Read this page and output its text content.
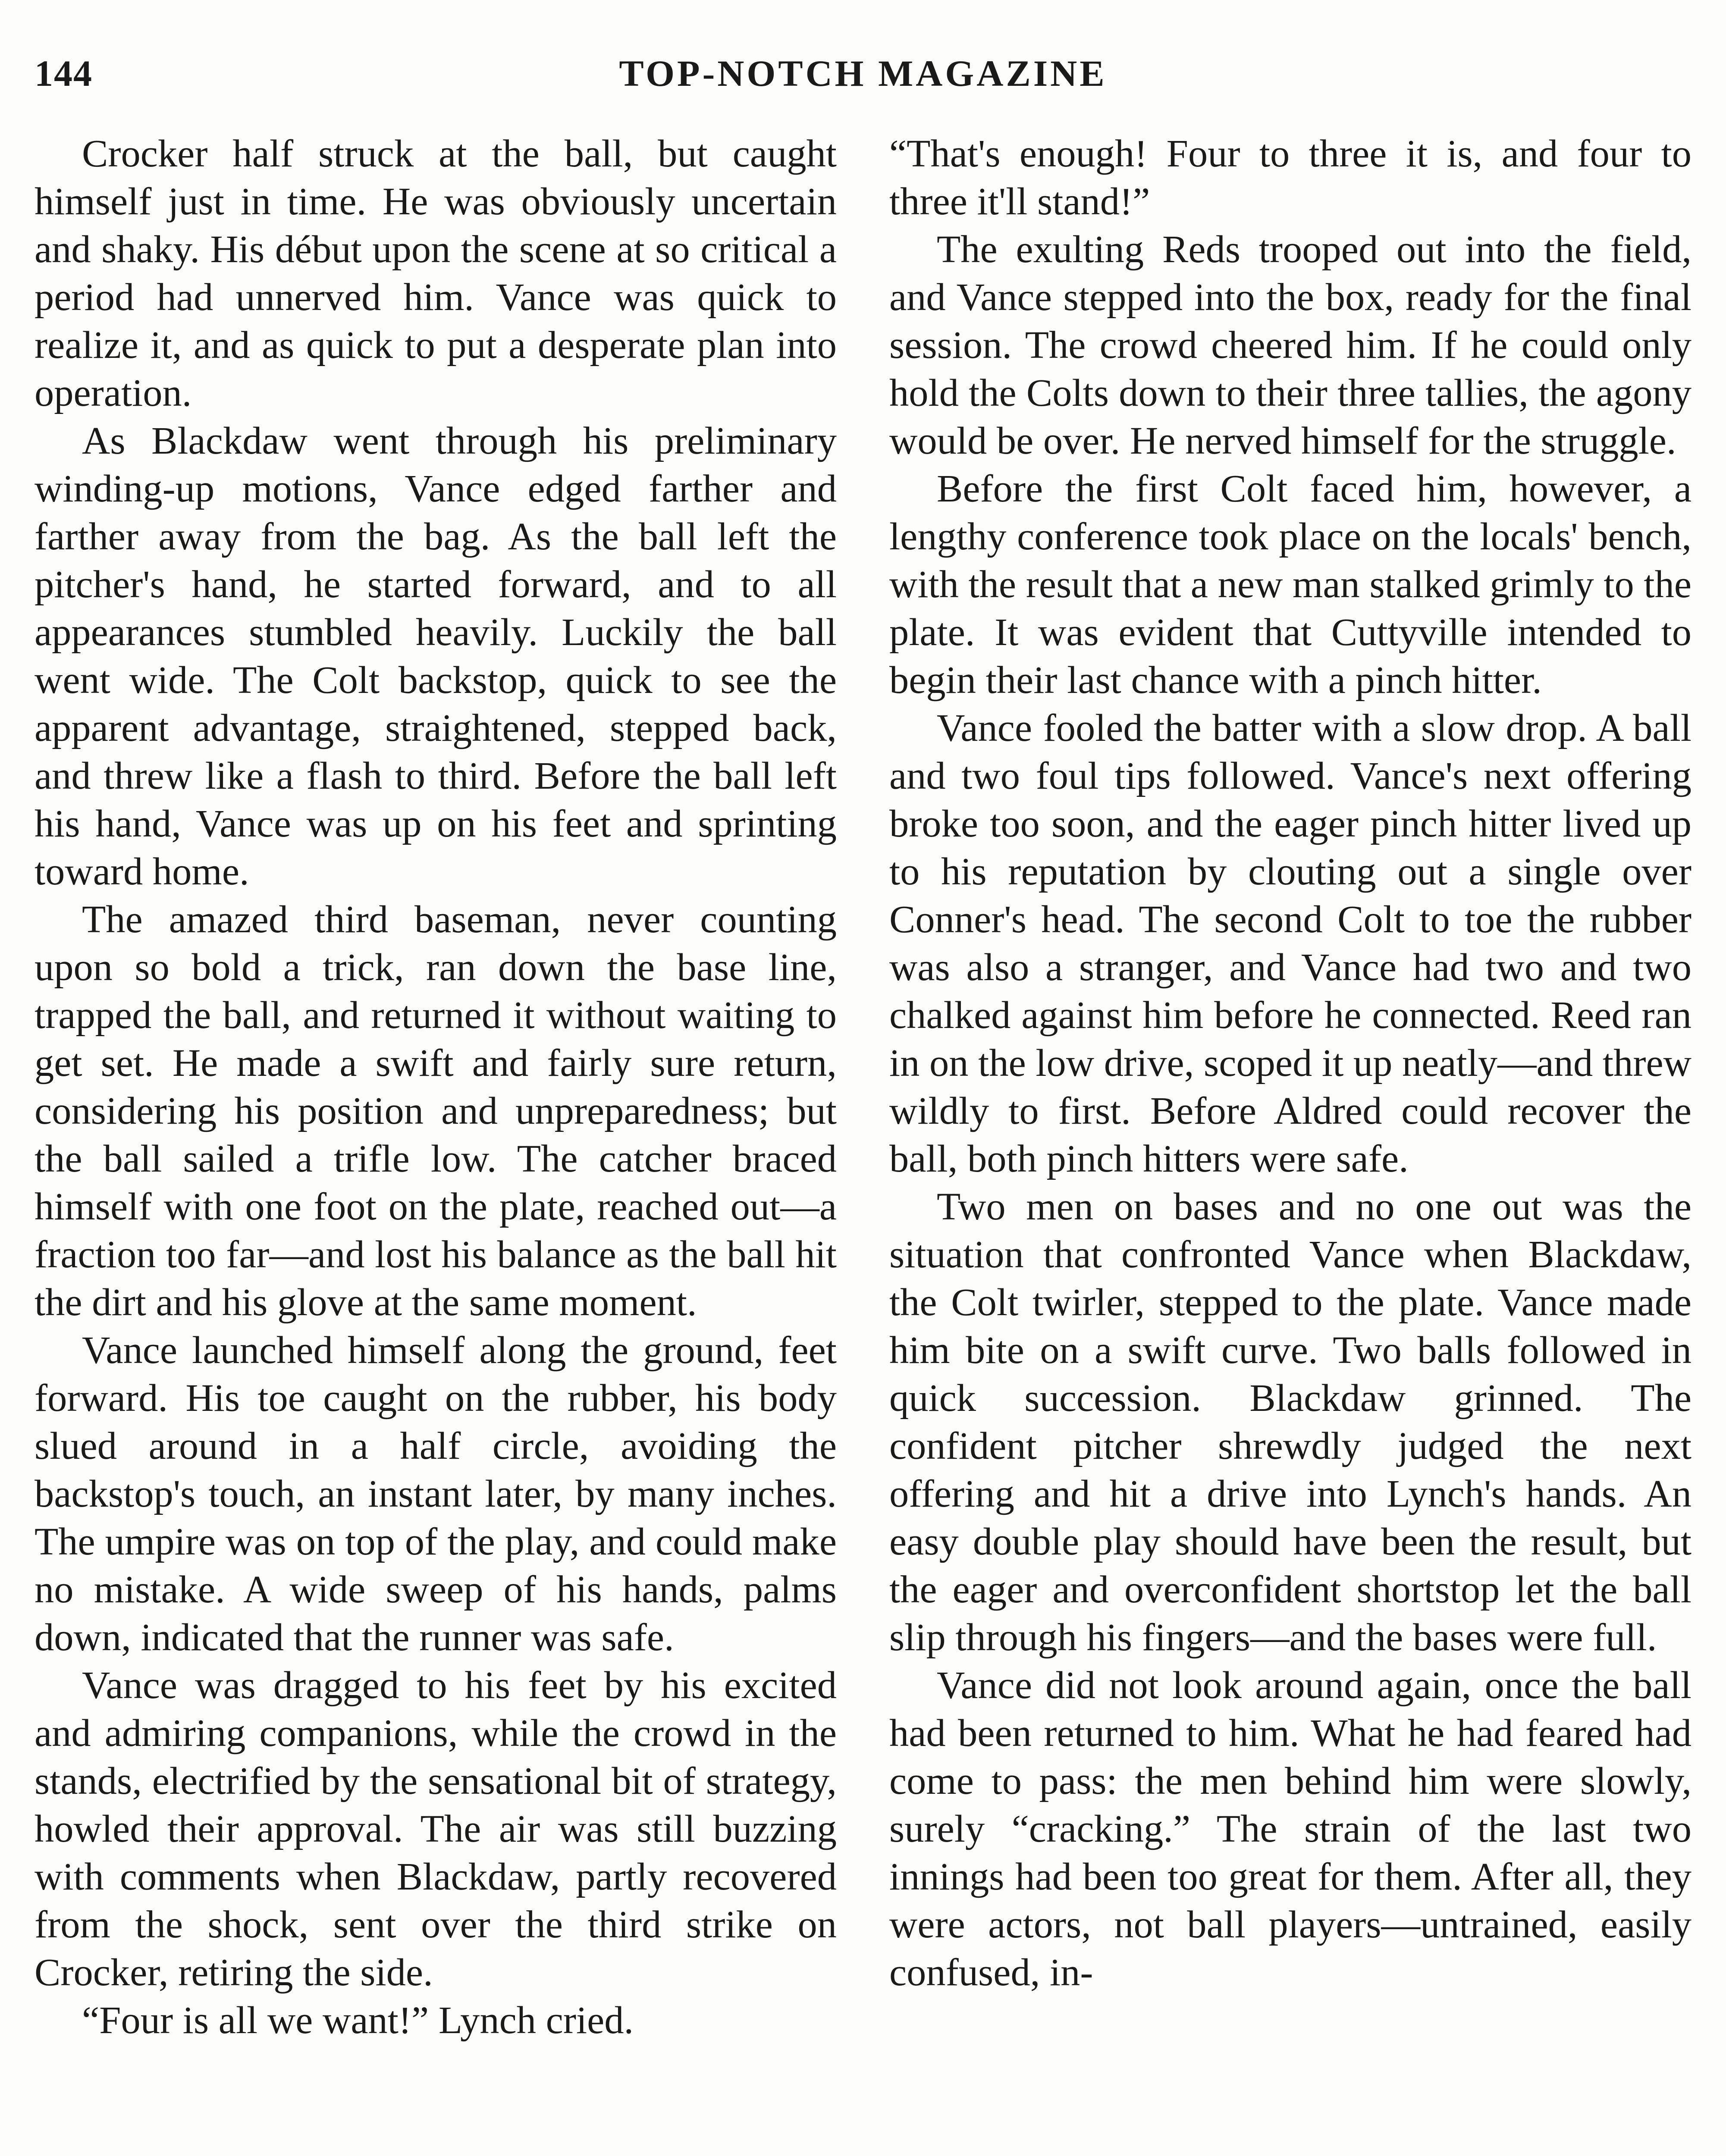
144	TOP-NOTCH MAGAZINE

Crocker half struck at the ball, but caught himself just in time. He was obviously uncertain and shaky. His début upon the scene at so critical a period had unnerved him. Vance was quick to realize it, and as quick to put a desperate plan into operation.

As Blackdaw went through his preliminary winding-up motions, Vance edged farther and farther away from the bag. As the ball left the pitcher's hand, he started forward, and to all appearances stumbled heavily. Luckily the ball went wide. The Colt backstop, quick to see the apparent advantage, straightened, stepped back, and threw like a flash to third. Before the ball left his hand, Vance was up on his feet and sprinting toward home.

The amazed third baseman, never counting upon so bold a trick, ran down the base line, trapped the ball, and returned it without waiting to get set. He made a swift and fairly sure return, considering his position and unpreparedness; but the ball sailed a trifle low. The catcher braced himself with one foot on the plate, reached out—a fraction too far—and lost his balance as the ball hit the dirt and his glove at the same moment.

Vance launched himself along the ground, feet forward. His toe caught on the rubber, his body slued around in a half circle, avoiding the backstop's touch, an instant later, by many inches. The umpire was on top of the play, and could make no mistake. A wide sweep of his hands, palms down, indicated that the runner was safe.

Vance was dragged to his feet by his excited and admiring companions, while the crowd in the stands, electrified by the sensational bit of strategy, howled their approval. The air was still buzzing with comments when Blackdaw, partly recovered from the shock, sent over the third strike on Crocker, retiring the side.

“Four is all we want!” Lynch cried.

“That's enough! Four to three it is, and four to three it'll stand!”

The exulting Reds trooped out into the field, and Vance stepped into the box, ready for the final session. The crowd cheered him. If he could only hold the Colts down to their three tallies, the agony would be over. He nerved himself for the struggle.

Before the first Colt faced him, however, a lengthy conference took place on the locals' bench, with the result that a new man stalked grimly to the plate. It was evident that Cuttyville intended to begin their last chance with a pinch hitter.

Vance fooled the batter with a slow drop. A ball and two foul tips followed. Vance's next offering broke too soon, and the eager pinch hitter lived up to his reputation by clouting out a single over Conner's head. The second Colt to toe the rubber was also a stranger, and Vance had two and two chalked against him before he connected. Reed ran in on the low drive, scoped it up neatly—and threw wildly to first. Before Aldred could recover the ball, both pinch hitters were safe.

Two men on bases and no one out was the situation that confronted Vance when Blackdaw, the Colt twirler, stepped to the plate. Vance made him bite on a swift curve. Two balls followed in quick succession. Blackdaw grinned. The confident pitcher shrewdly judged the next offering and hit a drive into Lynch's hands. An easy double play should have been the result, but the eager and overconfident shortstop let the ball slip through his fingers—and the bases were full.

Vance did not look around again, once the ball had been returned to him. What he had feared had come to pass: the men behind him were slowly, surely “cracking.” The strain of the last two innings had been too great for them. After all, they were actors, not ball players—untrained, easily confused, in-
